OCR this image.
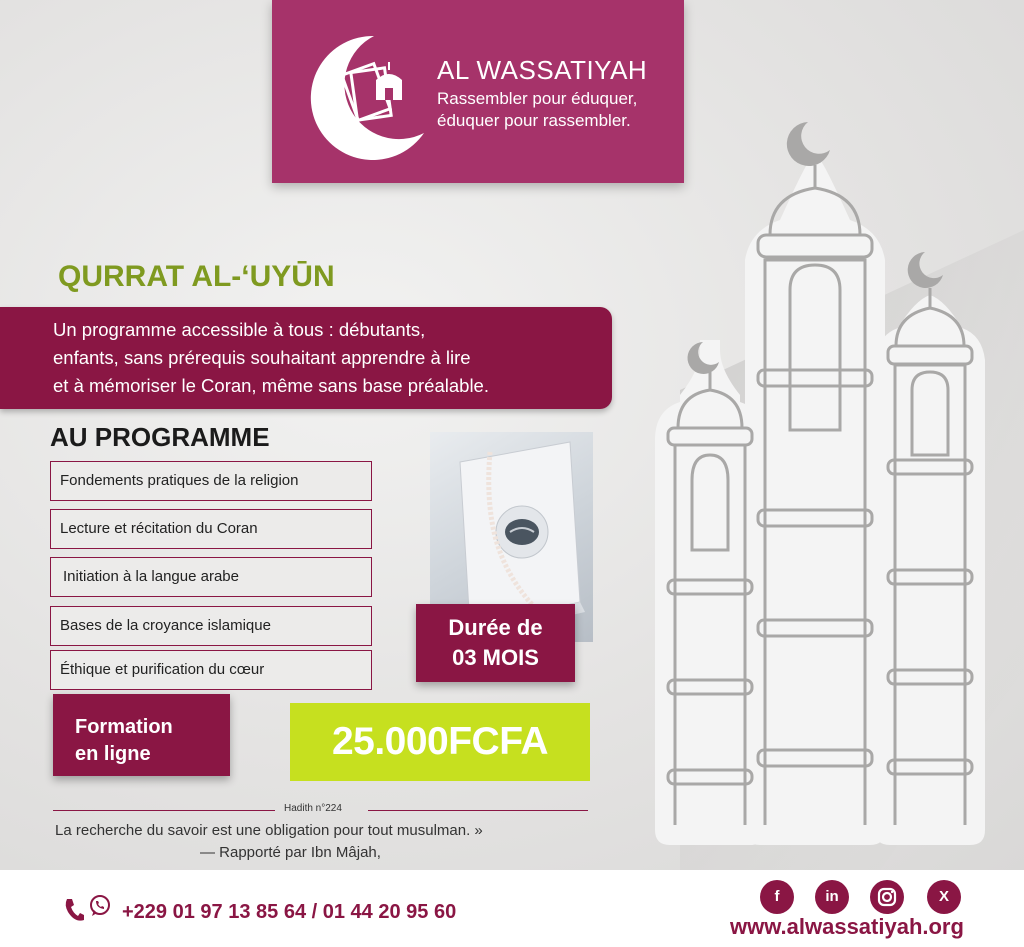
AL WASSATIYAH
Rassembler pour éduquer,
éduquer pour rassembler.
QURRAT AL-‘UYŪN
Un programme accessible à tous : débutants,
enfants, sans prérequis souhaitant apprendre à lire
et à mémoriser le Coran, même sans base préalable.
AU PROGRAMME
Fondements pratiques de la religion
Lecture et récitation du Coran
Initiation à la langue arabe
Bases de la croyance islamique
Éthique et purification du cœur
Durée de
03 MOIS
Formation
en ligne	25.000FCFA
Hadith n°224
La recherche du savoir est une obligation pour tout musulman. »
— Rapporté par Ibn Mâjah,
+229 01 97 13 85 64 / 01 44 20 95 60
f	in	X
www.alwassatiyah.org
